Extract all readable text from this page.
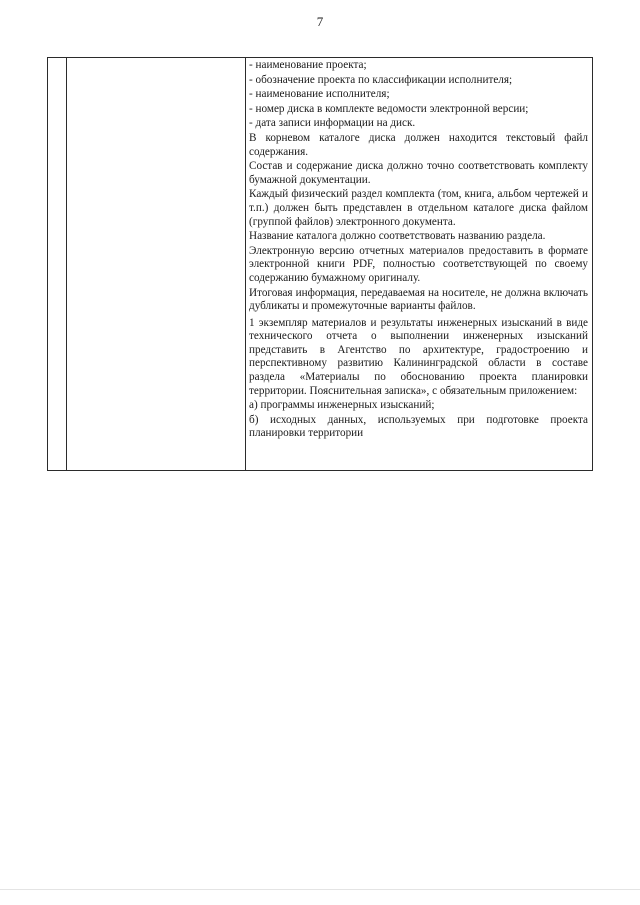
7

- наименование проекта;

- обозначение проекта по классификации исполнителя;

- наименование исполнителя;

- номер диска в комплекте ведомости электронной версии;

- дата записи информации на диск.

В корневом каталоге диска должен находится текстовый файл содержания.

Состав и содержание диска должно точно соответствовать комплекту бумажной документации.

Каждый физический раздел комплекта (том, книга, альбом чертежей и т.п.) должен быть представлен в отдельном каталоге диска файлом (группой файлов) электронного документа.

Название каталога должно соответствовать названию раздела.

Электронную версию отчетных материалов предоставить в формате электронной книги PDF, полностью соответствующей по своему содержанию бумажному оригиналу.

Итоговая информация, передаваемая на носителе, не должна включать дубликаты и промежуточные варианты файлов.

1 экземпляр материалов и результаты инженерных изысканий в виде технического отчета о выполнении инженерных изысканий представить в Агентство по архитектуре, градостроению и перспективному развитию Калининградской области в составе раздела «Материалы по обоснованию проекта планировки территории. Пояснительная записка», с обязательным приложением:

а) программы инженерных изысканий;

б) исходных данных, используемых при подготовке проекта планировки территории
